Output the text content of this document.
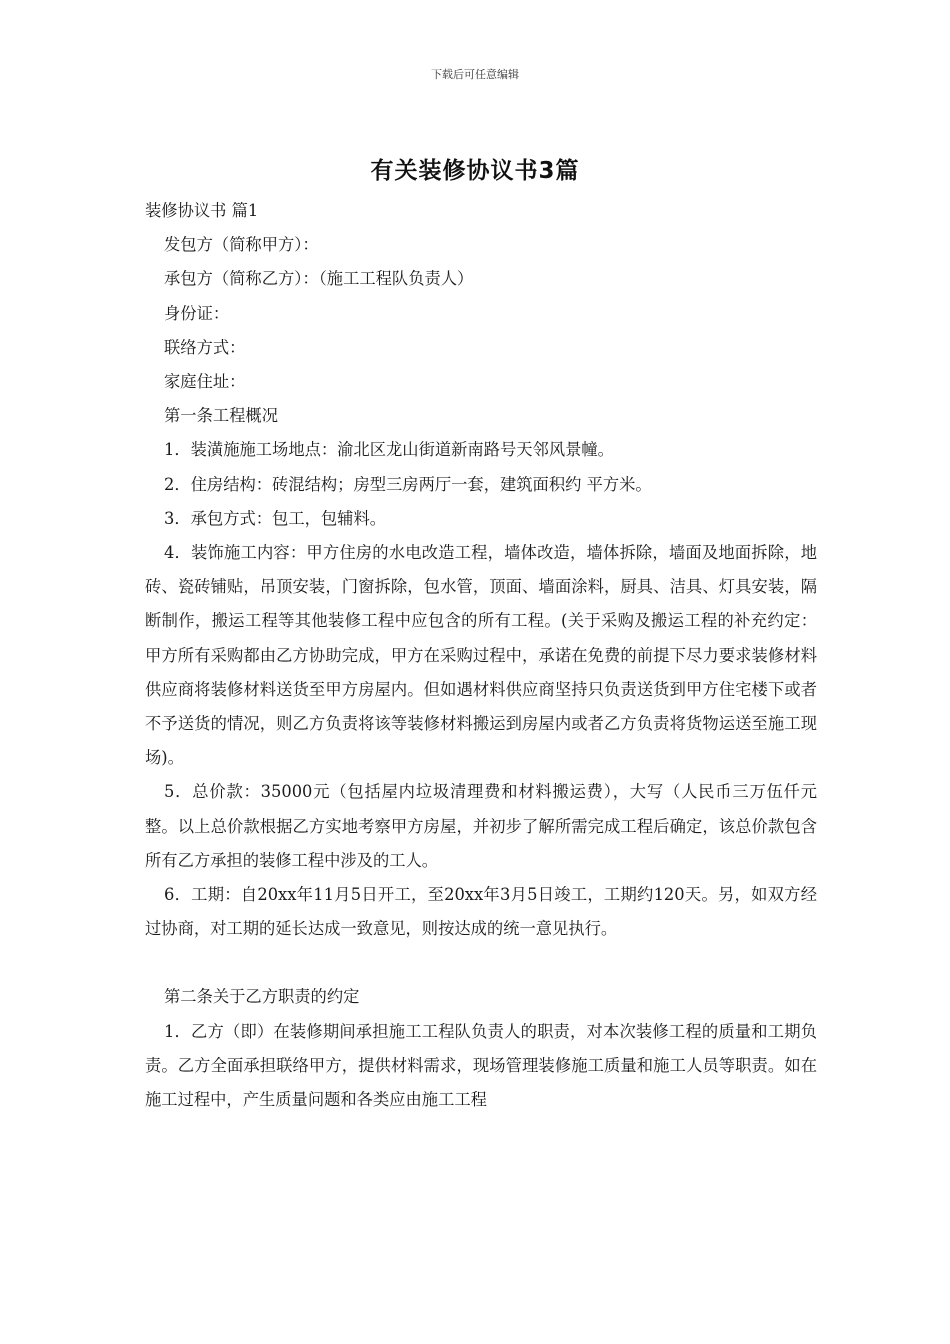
下载后可任意编辑
有关装修协议书3篇

装修协议书 篇1

发包方（简称甲方）：

承包方（简称乙方）：（施工工程队负责人）

身份证：

联络方式：

家庭住址：

第一条工程概况

1．装潢施施工场地点：渝北区龙山街道新南路号天邻风景幢。

2．住房结构：砖混结构；房型三房两厅一套，建筑面积约 平方米。

3．承包方式：包工，包辅料。

4．装饰施工内容：甲方住房的水电改造工程，墙体改造，墙体拆除，墙面及地面拆除，地砖、瓷砖铺贴，吊顶安装，门窗拆除，包水管，顶面、墙面涂料，厨具、洁具、灯具安装，隔断制作，搬运工程等其他装修工程中应包含的所有工程。(关于采购及搬运工程的补充约定：甲方所有采购都由乙方协助完成，甲方在采购过程中，承诺在免费的前提下尽力要求装修材料供应商将装修材料送货至甲方房屋内。但如遇材料供应商坚持只负责送货到甲方住宅楼下或者不予送货的情况，则乙方负责将该等装修材料搬运到房屋内或者乙方负责将货物运送至施工现场)。

5．总价款：35000元（包括屋内垃圾清理费和材料搬运费），大写（人民币三万伍仟元整。以上总价款根据乙方实地考察甲方房屋，并初步了解所需完成工程后确定，该总价款包含所有乙方承担的装修工程中涉及的工人。

6．工期：自20xx年11月5日开工，至20xx年3月5日竣工，工期约120天。另，如双方经过协商，对工期的延长达成一致意见，则按达成的统一意见执行。

第二条关于乙方职责的约定

1．乙方（即）在装修期间承担施工工程队负责人的职责，对本次装修工程的质量和工期负责。乙方全面承担联络甲方，提供材料需求，现场管理装修施工质量和施工人员等职责。如在施工过程中，产生质量问题和各类应由施工工程
